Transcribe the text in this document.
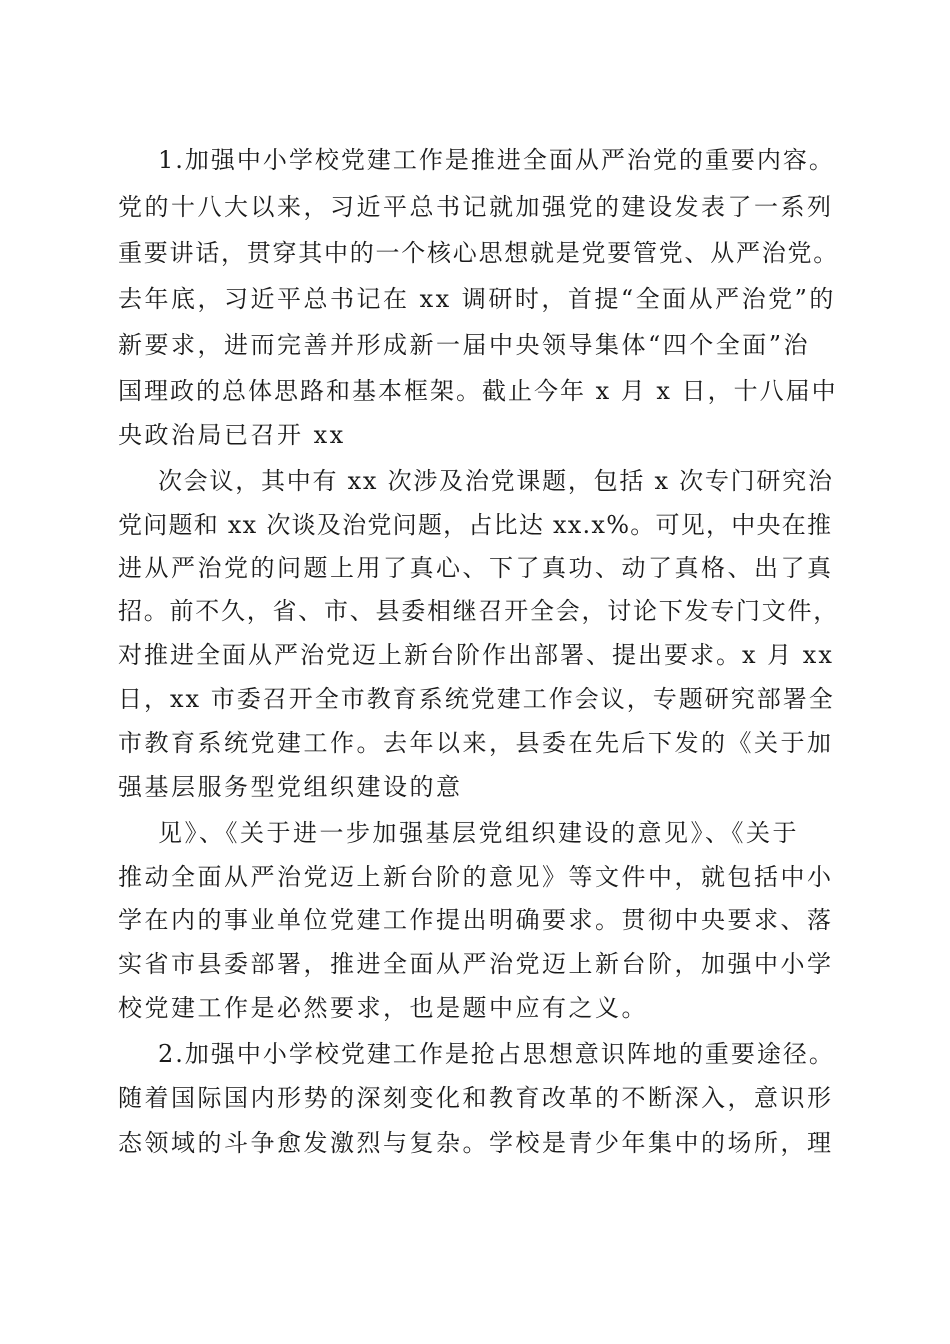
1.加强中小学校党建工作是推进全面从严治党的重要内容。
党的十八大以来，习近平总书记就加强党的建设发表了一系列
重要讲话，贯穿其中的一个核心思想就是党要管党、从严治党。
去年底，习近平总书记在 xx 调研时，首提“全面从严治党”的
新要求，进而完善并形成新一届中央领导集体“四个全面”治
国理政的总体思路和基本框架。截止今年 x 月 x 日，十八届中
央政治局已召开 xx
次会议，其中有 xx 次涉及治党课题，包括 x 次专门研究治
党问题和 xx 次谈及治党问题，占比达 xx.x%。可见，中央在推
进从严治党的问题上用了真心、下了真功、动了真格、出了真
招。前不久，省、市、县委相继召开全会，讨论下发专门文件，
对推进全面从严治党迈上新台阶作出部署、提出要求。x 月 xx
日，xx 市委召开全市教育系统党建工作会议，专题研究部署全
市教育系统党建工作。去年以来，县委在先后下发的《关于加
强基层服务型党组织建设的意
见》、《关于进一步加强基层党组织建设的意见》、《关于
推动全面从严治党迈上新台阶的意见》等文件中，就包括中小
学在内的事业单位党建工作提出明确要求。贯彻中央要求、落
实省市县委部署，推进全面从严治党迈上新台阶，加强中小学
校党建工作是必然要求，也是题中应有之义。
2.加强中小学校党建工作是抢占思想意识阵地的重要途径。
随着国际国内形势的深刻变化和教育改革的不断深入，意识形
态领域的斗争愈发激烈与复杂。学校是青少年集中的场所，理
